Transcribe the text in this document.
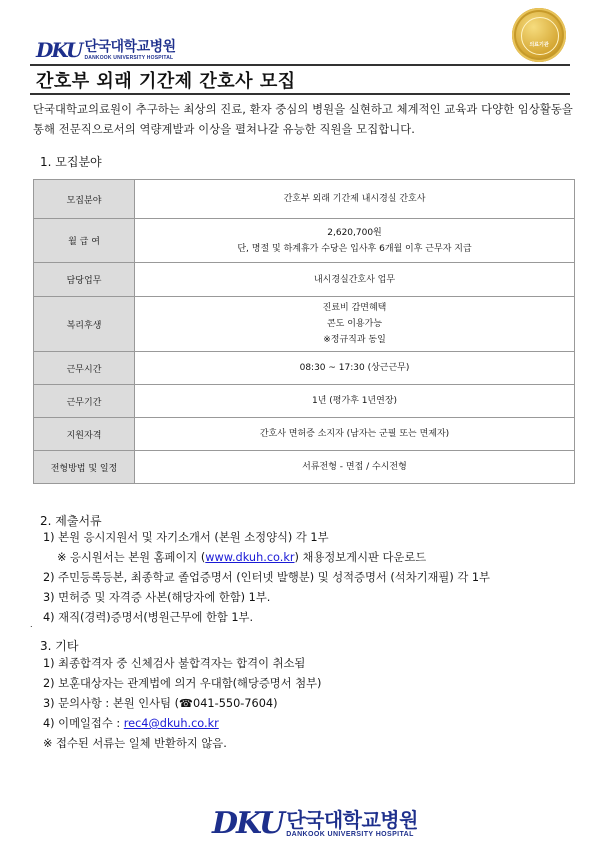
DKU 단국대학교병원
DANKOOK UNIVERSITY HOSPITAL
의료기관
간호부 외래 기간제 간호사 모집
단국대학교의료원이 추구하는 최상의 진료, 환자 중심의 병원을 실현하고 체계적인 교육과 다양한 임상활동을 통해 전문직으로서의 역량계발과 이상을 펼쳐나갈 유능한 직원을 모집합니다.
1. 모집분야
모집분야	간호부 외래 기간제 내시경실 간호사

월 급 여	2,620,700원
단, 명절 및 하계휴가 수당은 입사후 6개월 이후 근무자 지급

담당업무	내시경실간호사 업무

복리후생	진료비 감면혜택
콘도 이용가능
※정규직과 동일

근무시간	08:30 ~ 17:30 (상근근무)

근무기간	1년 (평가후 1년연장)

지원자격	간호사 면허증 소지자 (남자는 군필 또는 면제자)

전형방법 및 일정	서류전형 - 면접 / 수시전형
2. 제출서류
1) 본원 응시지원서 및 자기소개서 (본원 소정양식) 각 1부
※ 응시원서는 본원 홈페이지 (www.dkuh.co.kr) 채용정보게시판 다운로드
2) 주민등록등본, 최종학교 졸업증명서 (인터넷 발행분) 및 성적증명서 (석차기재필) 각 1부
3) 면허증 및 자격증 사본(해당자에 한함) 1부.
4) 재직(경력)증명서(병원근무에 한함 1부.
.
3. 기타
1) 최종합격자 중 신체검사 불합격자는 합격이 취소됨
2) 보훈대상자는 관계법에 의거 우대함(해당증명서 첨부)
3) 문의사항 : 본원 인사팀 (☎041-550-7604)
4) 이메일접수 : rec4@dkuh.co.kr
※ 접수된 서류는 일체 반환하지 않음.
DKU 단국대학교병원
DANKOOK UNIVERSITY HOSPITAL
